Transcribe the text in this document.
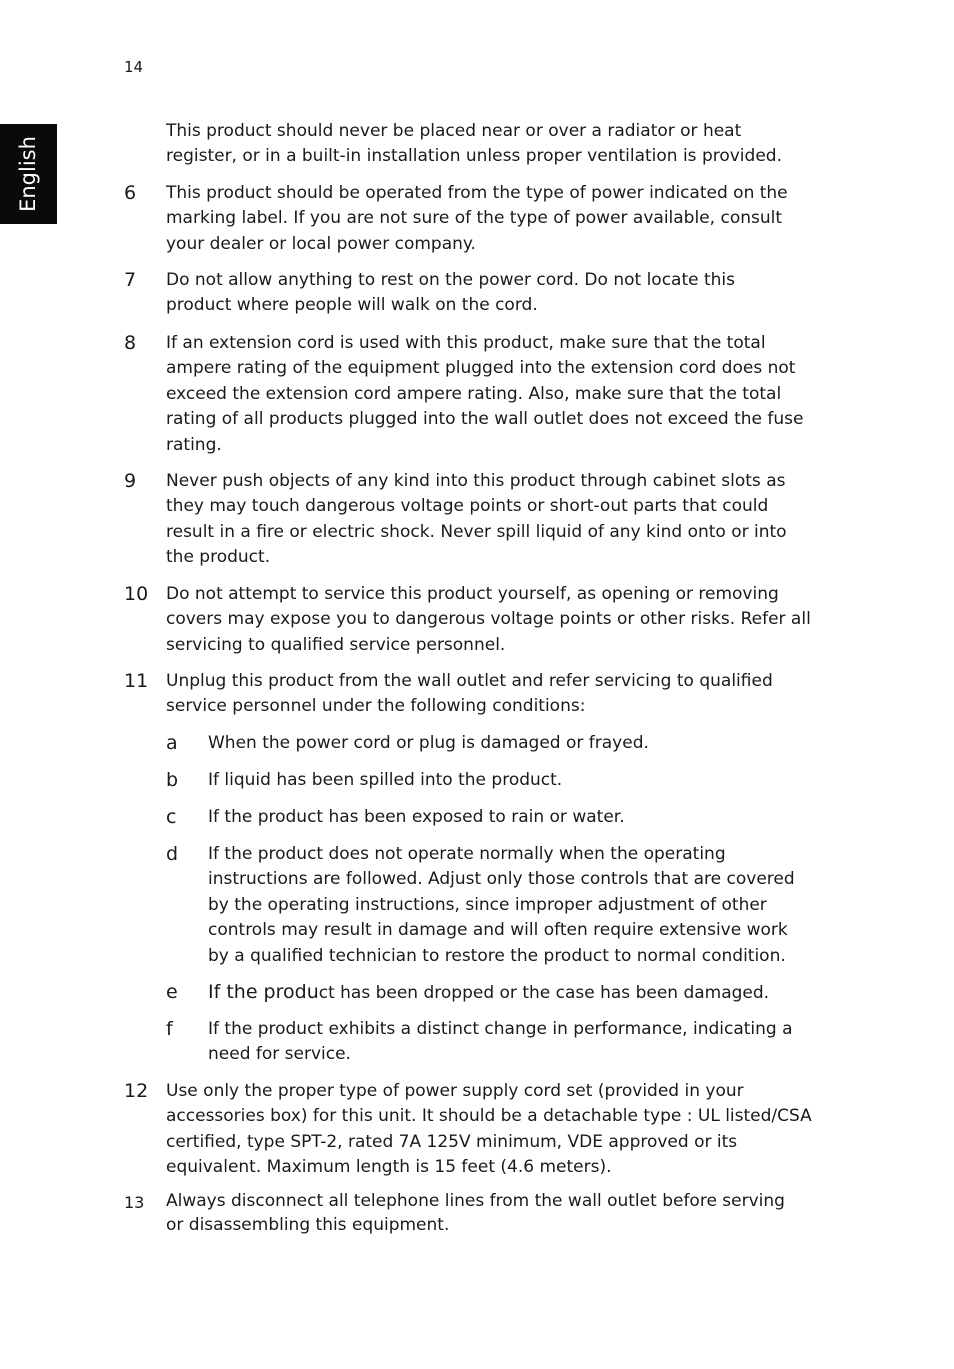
14
English
This product should never be placed near or over a radiator or heat
register, or in a built-in installation unless proper ventilation is provided.
6 This product should be operated from the type of power indicated on the
marking label. If you are not sure of the type of power available, consult
your dealer or local power company.
7 Do not allow anything to rest on the power cord. Do not locate this
product where people will walk on the cord.
8 If an extension cord is used with this product, make sure that the total
ampere rating of the equipment plugged into the extension cord does not
exceed the extension cord ampere rating. Also, make sure that the total
rating of all products plugged into the wall outlet does not exceed the fuse
rating.
9 Never push objects of any kind into this product through cabinet slots as
they may touch dangerous voltage points or short-out parts that could
result in a fire or electric shock. Never spill liquid of any kind onto or into
the product.
10 Do not attempt to service this product yourself, as opening or removing
covers may expose you to dangerous voltage points or other risks. Refer all
servicing to qualified service personnel.
11 Unplug this product from the wall outlet and refer servicing to qualified
service personnel under the following conditions:
a When the power cord or plug is damaged or frayed.
b If liquid has been spilled into the product.
c If the product has been exposed to rain or water.
d If the product does not operate normally when the operating
instructions are followed. Adjust only those controls that are covered
by the operating instructions, since improper adjustment of other
controls may result in damage and will often require extensive work
by a qualified technician to restore the product to normal condition.
e If the product has been dropped or the case has been damaged.
f If the product exhibits a distinct change in performance, indicating a
need for service.
12 Use only the proper type of power supply cord set (provided in your
accessories box) for this unit. It should be a detachable type : UL listed/CSA
certified, type SPT-2, rated 7A 125V minimum, VDE approved or its
equivalent. Maximum length is 15 feet (4.6 meters).
13 Always disconnect all telephone lines from the wall outlet before serving
or disassembling this equipment.
